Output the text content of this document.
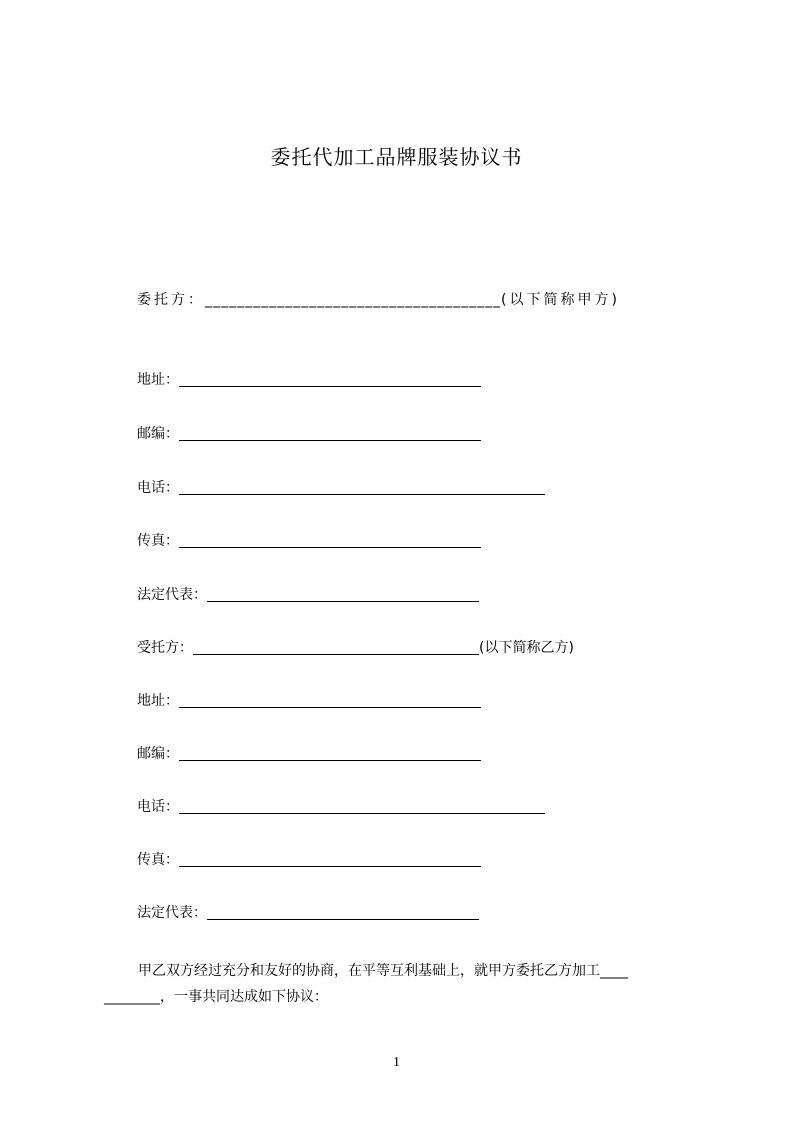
委托代加工品牌服装协议书
委托方：_____________________________________(以下简称甲方)
地址：
邮编：
电话：
传真：
法定代表：
受托方：	(以下简称乙方)
地址：
邮编：
电话：
传真：
法定代表：
甲乙双方经过充分和友好的协商，在平等互利基础上，就甲方委托乙方加工____
________，一事共同达成如下协议：
1
